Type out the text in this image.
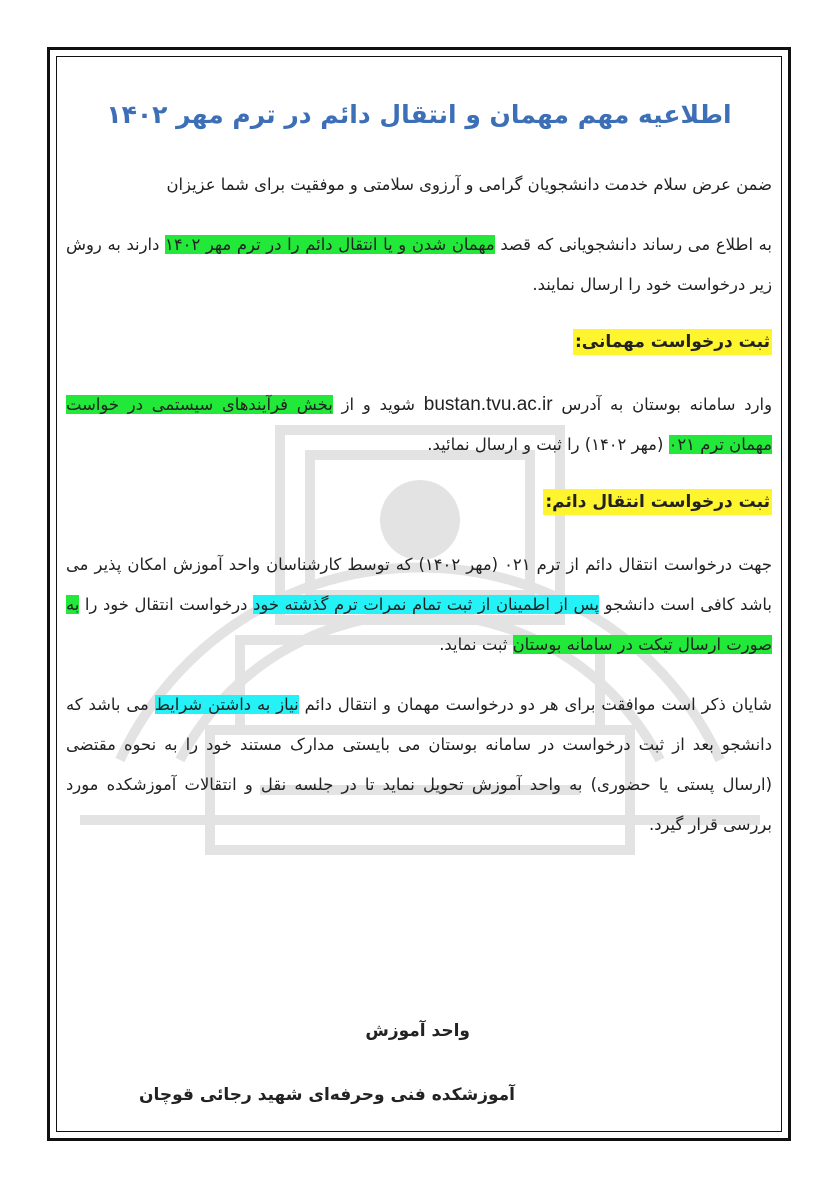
اطلاعیه مهم مهمان و انتقال دائم در ترم مهر ۱۴۰۲

ضمن عرض سلام خدمت دانشجویان گرامی و آرزوی سلامتی و موفقیت برای شما عزیزان

به اطلاع می رساند دانشجویانی که قصد مهمان شدن و یا انتقال دائم را در ترم مهر ۱۴۰۲ دارند به روش زیر درخواست خود را ارسال نمایند.

ثبت درخواست مهمانی:

وارد سامانه بوستان به آدرس bustan.tvu.ac.ir شوید و از بخش فرآیندهای سیستمی در خواست مهمان ترم ۰۲۱ (مهر ۱۴۰۲) را ثبت و ارسال نمائید.

ثبت درخواست انتقال دائم:

جهت درخواست انتقال دائم از ترم ۰۲۱ (مهر ۱۴۰۲) که توسط کارشناسان واحد آموزش امکان پذیر می باشد کافی است دانشجو پس از اطمینان از ثبت تمام نمرات ترم گذشته خود درخواست انتقال خود را به صورت ارسال تیکت در سامانه بوستان ثبت نماید.

شایان ذکر است موافقت برای هر دو درخواست مهمان و انتقال دائم نیاز به داشتن شرایط می باشد که دانشجو بعد از ثبت درخواست در سامانه بوستان می بایستی مدارک مستند خود را به نحوه مقتضی (ارسال پستی یا حضوری) به واحد آموزش تحویل نماید تا در جلسه نقل و انتقالات آموزشکده مورد بررسی قرار گیرد.

واحد آموزش
آموزشکده فنی وحرفه‌ای شهید رجائی قوچان
